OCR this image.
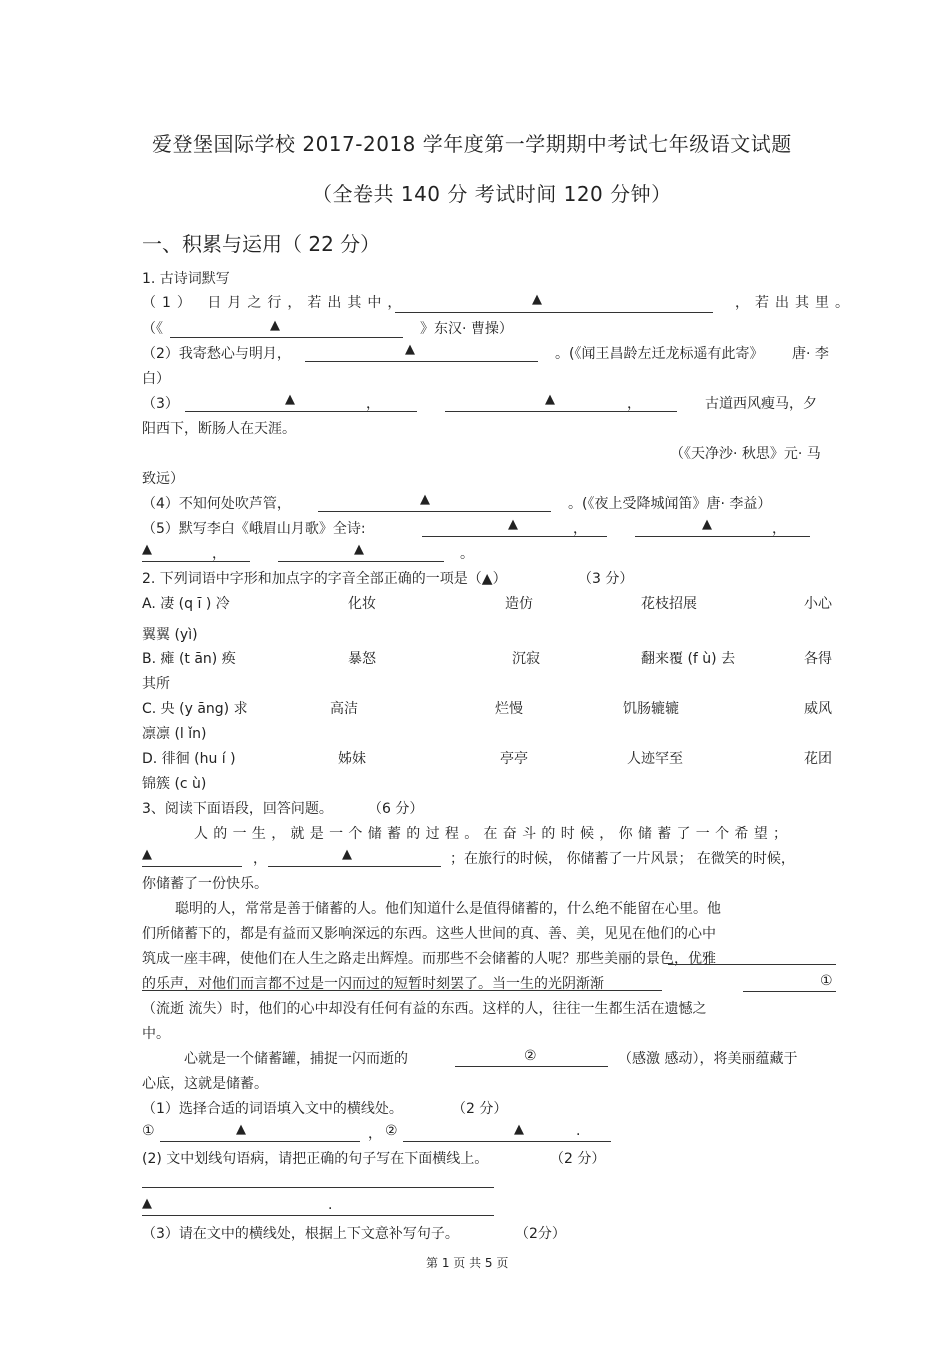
爱登堡国际学校 2017-2018 学年度第一学期期中考试七年级语文试题
（全卷共 140 分 考试时间 120 分钟）
一、积累与运用（ 22 分）
1. 古诗词默写
（1） 日月之行，若出其中，	▲	，若出其里。
（《	▲	》东汉· 曹操）
（2）我寄愁心与明月，	▲	。(《闻王昌龄左迁龙标遥有此寄》 唐· 李
白）
（3）	▲	，	▲	，	古道西风瘦马，夕
阳西下，断肠人在天涯。
（《天净沙· 秋思》元· 马
致远）
（4）不知何处吹芦管，	▲	。(《夜上受降城闻笛》唐· 李益）
（5）默写李白《峨眉山月歌》全诗:	▲	，	▲	，
▲	，	▲	。
2. 下列词语中字形和加点字的字音全部正确的一项是（▲）	（3 分）
A. 凄 (q ī ) 冷	化妆	造仿	花枝招展	小心
翼翼 (yì)
B. 瘫 (t ān) 痪	暴怒	沉寂	翻来覆 (f ù) 去	各得
其所
C. 央 (y āng) 求	高洁	烂慢	饥肠辘辘	威风
凛凛 (l ǐn)
D. 徘徊 (hu í )	姊妹	亭亭	人迹罕至	花团
锦簇 (c ù)
3、阅读下面语段，回答问题。	（6 分）
人的一生，就是一个储蓄的过程。在奋斗的时候，你储蓄了一个希望；
▲	，	▲	；在旅行的时候， 你储蓄了一片风景； 在微笑的时候，
你储蓄了一份快乐。
聪明的人，常常是善于储蓄的人。他们知道什么是值得储蓄的，什么绝不能留在心里。他
们所储蓄下的，都是有益而又影响深远的东西。这些人世间的真、善、美，见见在他们的心中
筑成一座丰碑，使他们在人生之路走出辉煌。而那些不会储蓄的人呢？那些美丽的景色，优雅
的乐声，对他们而言都不过是一闪而过的短暂时刻罢了。当一生的光阴渐渐	①
（流逝 流失）时，他们的心中却没有任何有益的东西。这样的人，往往一生都生活在遗憾之
中。
心就是一个储蓄罐，捕捉一闪而逝的	②	（感激 感动），将美丽蕴藏于
心底，这就是储蓄。
（1）选择合适的词语填入文中的横线处。	（2 分）
①	▲	， ②	▲	.
(2) 文中划线句语病，请把正确的句子写在下面横线上。	（2 分）
▲	.
（3）请在文中的横线处，根据上下文意补写句子。	（2分）
第 1 页 共 5 页
